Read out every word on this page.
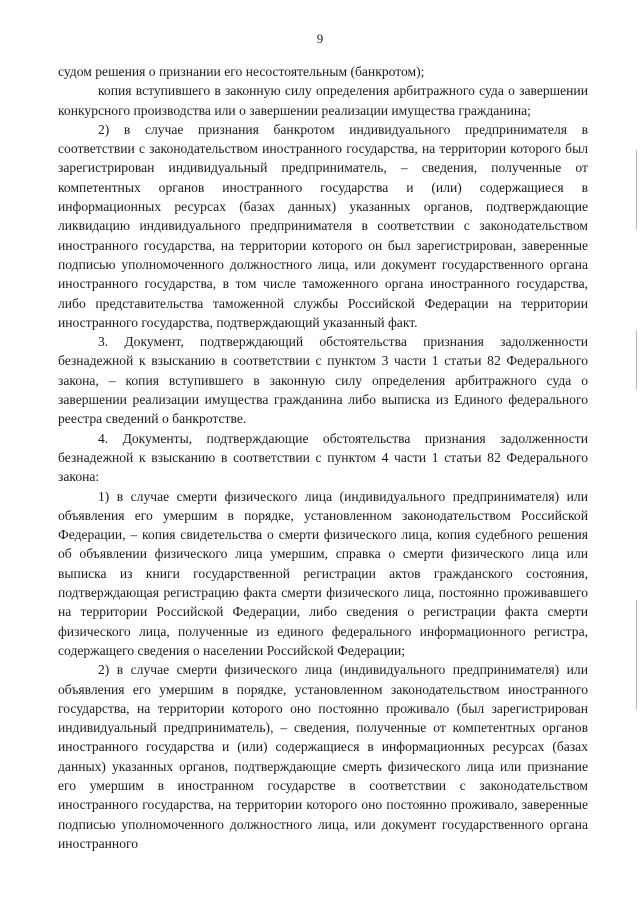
9

судом решения о признании его несостоятельным (банкротом);

копия вступившего в законную силу определения арбитражного суда о завершении конкурсного производства или о завершении реализации имущества гражданина;

2) в случае признания банкротом индивидуального предпринимателя в соответствии с законодательством иностранного государства, на территории которого был зарегистрирован индивидуальный предприниматель, – сведения, полученные от компетентных органов иностранного государства и (или) содержащиеся в информационных ресурсах (базах данных) указанных органов, подтверждающие ликвидацию индивидуального предпринимателя в соответствии с законодательством иностранного государства, на территории которого он был зарегистрирован, заверенные подписью уполномоченного должностного лица, или документ государственного органа иностранного государства, в том числе таможенного органа иностранного государства, либо представительства таможенной службы Российской Федерации на территории иностранного государства, подтверждающий указанный факт.

3. Документ, подтверждающий обстоятельства признания задолженности безнадежной к взысканию в соответствии с пунктом 3 части 1 статьи 82 Федерального закона, – копия вступившего в законную силу определения арбитражного суда о завершении реализации имущества гражданина либо выписка из Единого федерального реестра сведений о банкротстве.

4. Документы, подтверждающие обстоятельства признания задолженности безнадежной к взысканию в соответствии с пунктом 4 части 1 статьи 82 Федерального закона:

1) в случае смерти физического лица (индивидуального предпринимателя) или объявления его умершим в порядке, установленном законодательством Российской Федерации, – копия свидетельства о смерти физического лица, копия судебного решения об объявлении физического лица умершим, справка о смерти физического лица или выписка из книги государственной регистрации актов гражданского состояния, подтверждающая регистрацию факта смерти физического лица, постоянно проживавшего на территории Российской Федерации, либо сведения о регистрации факта смерти физического лица, полученные из единого федерального информационного регистра, содержащего сведения о населении Российской Федерации;

2) в случае смерти физического лица (индивидуального предпринимателя) или объявления его умершим в порядке, установленном законодательством иностранного государства, на территории которого оно постоянно проживало (был зарегистрирован индивидуальный предприниматель), – сведения, полученные от компетентных органов иностранного государства и (или) содержащиеся в информационных ресурсах (базах данных) указанных органов, подтверждающие смерть физического лица или признание его умершим в иностранном государстве в соответствии с законодательством иностранного государства, на территории которого оно постоянно проживало, заверенные подписью уполномоченного должностного лица, или документ государственного органа иностранного
